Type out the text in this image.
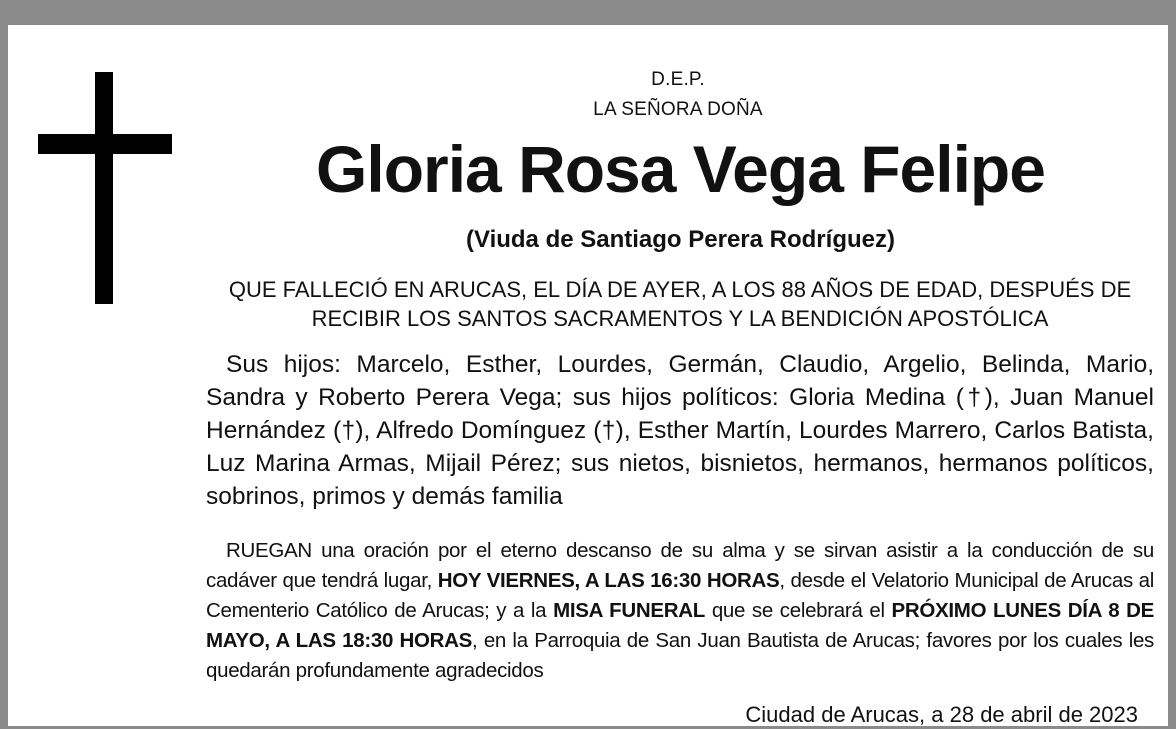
D.E.P.
LA SEÑORA DOÑA
Gloria Rosa Vega Felipe
(Viuda de Santiago Perera Rodríguez)
QUE FALLECIÓ EN ARUCAS, EL DÍA DE AYER, A LOS 88 AÑOS DE EDAD, DESPUÉS DE RECIBIR LOS SANTOS SACRAMENTOS Y LA BENDICIÓN APOSTÓLICA
Sus hijos: Marcelo, Esther, Lourdes, Germán, Claudio, Argelio, Belinda, Mario, Sandra y Roberto Perera Vega; sus hijos políticos: Gloria Medina (†), Juan Manuel Hernández (†), Alfredo Domínguez (†), Esther Martín, Lourdes Marrero, Carlos Batista, Luz Marina Armas, Mijail Pérez; sus nietos, bisnietos, hermanos, hermanos políticos, sobrinos, primos y demás familia
RUEGAN una oración por el eterno descanso de su alma y se sirvan asistir a la conducción de su cadáver que tendrá lugar, HOY VIERNES, A LAS 16:30 HORAS, desde el Velatorio Municipal de Arucas al Cementerio Católico de Arucas; y a la MISA FUNERAL que se celebrará el PRÓXIMO LUNES DÍA 8 DE MAYO, A LAS 18:30 HORAS, en la Parroquia de San Juan Bautista de Arucas; favores por los cuales les quedarán profundamente agradecidos
Ciudad de Arucas, a 28 de abril de 2023
